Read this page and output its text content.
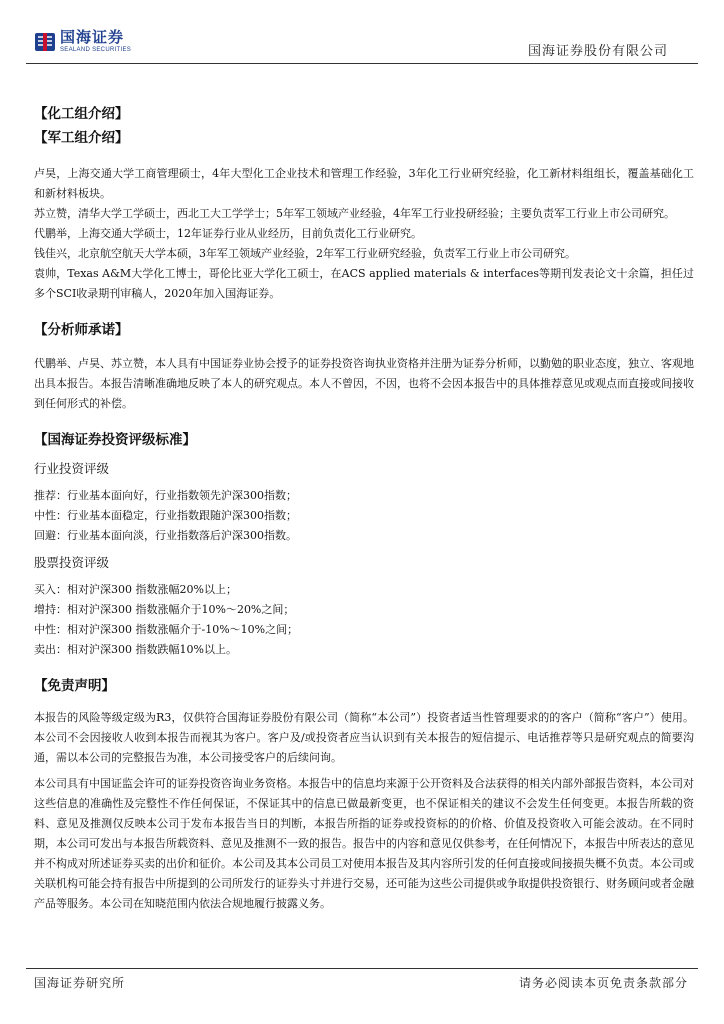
国海证券
SEALAND SECURITIES	国海证券股份有限公司

【化工组介绍】

【军工组介绍】

卢昊，上海交通大学工商管理硕士，4年大型化工企业技术和管理工作经验，3年化工行业研究经验，化工新材料组组长，覆盖基础化工和新材料板块。

苏立赞，清华大学工学硕士，西北工大工学学士；5年军工领域产业经验，4年军工行业投研经验；主要负责军工行业上市公司研究。

代鹏举，上海交通大学硕士，12年证券行业从业经历，目前负责化工行业研究。

钱佳兴，北京航空航天大学本硕，3年军工领域产业经验，2年军工行业研究经验，负责军工行业上市公司研究。

袁帅，Texas A&M大学化工博士，哥伦比亚大学化工硕士，在ACS applied materials & interfaces等期刊发表论文十余篇，担任过多个SCI收录期刊审稿人，2020年加入国海证券。

【分析师承诺】

代鹏举、卢昊、苏立赞，本人具有中国证券业协会授予的证券投资咨询执业资格并注册为证券分析师，以勤勉的职业态度，独立、客观地出具本报告。本报告清晰准确地反映了本人的研究观点。本人不曾因，不因，也将不会因本报告中的具体推荐意见或观点而直接或间接收到任何形式的补偿。

【国海证券投资评级标准】

行业投资评级

推荐：行业基本面向好，行业指数领先沪深300指数；

中性：行业基本面稳定，行业指数跟随沪深300指数；

回避：行业基本面向淡，行业指数落后沪深300指数。

股票投资评级

买入：相对沪深300 指数涨幅20%以上；

增持：相对沪深300 指数涨幅介于10%～20%之间；

中性：相对沪深300 指数涨幅介于-10%～10%之间；

卖出：相对沪深300 指数跌幅10%以上。

【免责声明】

本报告的风险等级定级为R3，仅供符合国海证券股份有限公司（简称“本公司”）投资者适当性管理要求的的客户（简称“客户”）使用。本公司不会因接收人收到本报告而视其为客户。客户及/或投资者应当认识到有关本报告的短信提示、电话推荐等只是研究观点的简要沟通，需以本公司的完整报告为准，本公司接受客户的后续问询。

本公司具有中国证监会许可的证券投资咨询业务资格。本报告中的信息均来源于公开资料及合法获得的相关内部外部报告资料，本公司对这些信息的准确性及完整性不作任何保证，不保证其中的信息已做最新变更，也不保证相关的建议不会发生任何变更。本报告所载的资料、意见及推测仅反映本公司于发布本报告当日的判断，本报告所指的证券或投资标的的价格、价值及投资收入可能会波动。在不同时期，本公司可发出与本报告所载资料、意见及推测不一致的报告。报告中的内容和意见仅供参考，在任何情况下，本报告中所表达的意见并不构成对所述证券买卖的出价和征价。本公司及其本公司员工对使用本报告及其内容所引发的任何直接或间接损失概不负责。本公司或关联机构可能会持有报告中所提到的公司所发行的证券头寸并进行交易，还可能为这些公司提供或争取提供投资银行、财务顾问或者金融产品等服务。本公司在知晓范围内依法合规地履行披露义务。

国海证券研究所	请务必阅读本页免责条款部分
